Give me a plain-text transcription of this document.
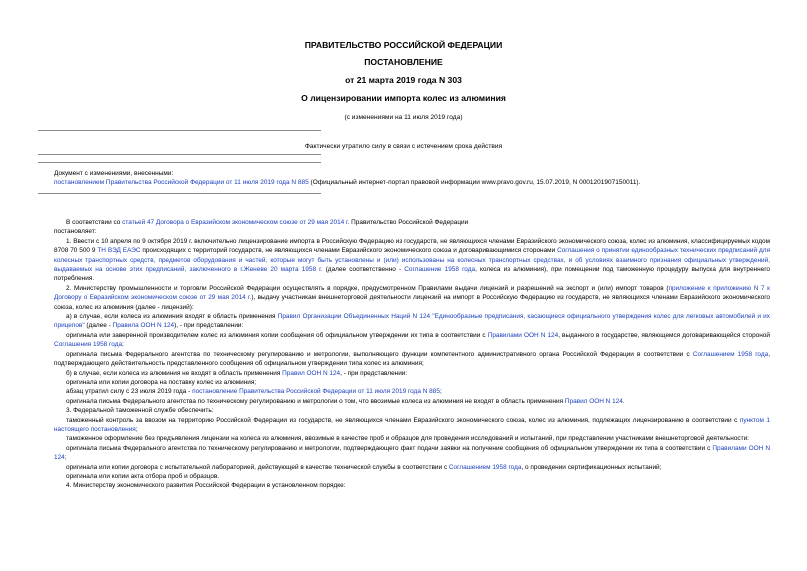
ПРАВИТЕЛЬСТВО РОССИЙСКОЙ ФЕДЕРАЦИИ
ПОСТАНОВЛЕНИЕ
от 21 марта 2019 года N 303
О лицензировании импорта колес из алюминия
(с изменениями на 11 июля 2019 года)
Фактически утратило силу в связи с истечением срока действия
Документ с изменениями, внесенными:
постановлением Правительства Российской Федерации от 11 июля 2019 года N 885 (Официальный интернет-портал правовой информации www.pravo.gov.ru, 15.07.2019, N 0001201907150011).

В соответствии со статьей 47 Договора о Евразийском экономическом союзе от 29 мая 2014 г. Правительство Российской Федерации

постановляет:

1. Ввести с 10 апреля по 9 октября 2019 г. включительно лицензирование импорта в Российскую Федерацию из государств, не являющихся членами Евразийского экономического союза, колес из алюминия, классифицируемых кодом 8708 70 500 9 ТН ВЭД ЕАЭС происходящих с территорий государств, не являющихся членами Евразийского экономического союза и договаривающимися сторонами Соглашения о принятии единообразных технических предписаний для колесных транспортных средств, предметов оборудования и частей, которые могут быть установлены и (или) использованы на колесных транспортных средствах, и об условиях взаимного признания официальных утверждений, выдаваемых на основе этих предписаний, заключенного в г.Женеве 20 марта 1958 г. (далее соответственно - Соглашение 1958 года, колеса из алюминия), при помещении под таможенную процедуру выпуска для внутреннего потребления.

2. Министерству промышленности и торговли Российской Федерации осуществлять в порядке, предусмотренном Правилами выдачи лицензий и разрешений на экспорт и (или) импорт товаров (приложение к приложению N 7 к Договору о Евразийском экономическом союзе от 29 мая 2014 г.), выдачу участникам внешнеторговой деятельности лицензий на импорт в Российскую Федерацию из государств, не являющихся членами Евразийского экономического союза, колес из алюминия (далее - лицензий):

а) в случае, если колеса из алюминия входят в область применения Правил Организации Объединенных Наций N 124 "Единообразные предписания, касающиеся официального утверждения колес для легковых автомобилей и их прицепов" (далее - Правила ООН N 124), - при представлении:

оригинала или заверенной производителем колес из алюминия копии сообщения об официальном утверждении их типа в соответствии с Правилами ООН N 124, выданного в государстве, являющемся договаривающейся стороной Соглашения 1958 года;

оригинала письма Федерального агентства по техническому регулированию и метрологии, выполняющего функции компетентного административного органа Российской Федерации в соответствии с Соглашением 1958 года, подтверждающего действительность представленного сообщения об официальном утверждении типа колес из алюминия;

б) в случае, если колеса из алюминия не входят в область применения Правил ООН N 124, - при представлении:

оригинала или копии договора на поставку колес из алюминия;

абзац утратил силу с 23 июля 2019 года - постановление Правительства Российской Федерации от 11 июля 2019 года N 885;

оригинала письма Федерального агентства по техническому регулированию и метрологии о том, что ввозимые колеса из алюминия не входят в область применения Правил ООН N 124.

3. Федеральной таможенной службе обеспечить:

таможенный контроль за ввозом на территорию Российской Федерации из государств, не являющихся членами Евразийского экономического союза, колес из алюминия, подлежащих лицензированию в соответствии с пунктом 1 настоящего постановления;

таможенное оформление без предъявления лицензии на колеса из алюминия, ввозимые в качестве проб и образцов для проведения исследований и испытаний, при представлении участниками внешнеторговой деятельности:

оригинала письма Федерального агентства по техническому регулированию и метрологии, подтверждающего факт подачи заявки на получение сообщения об официальном утверждении их типа в соответствии с Правилами ООН N 124;

оригинала или копии договора с испытательной лабораторией, действующей в качестве технической службы в соответствии с Соглашением 1958 года, о проведении сертификационных испытаний;

оригинала или копии акта отбора проб и образцов.

4. Министерству экономического развития Российской Федерации в установленном порядке:
